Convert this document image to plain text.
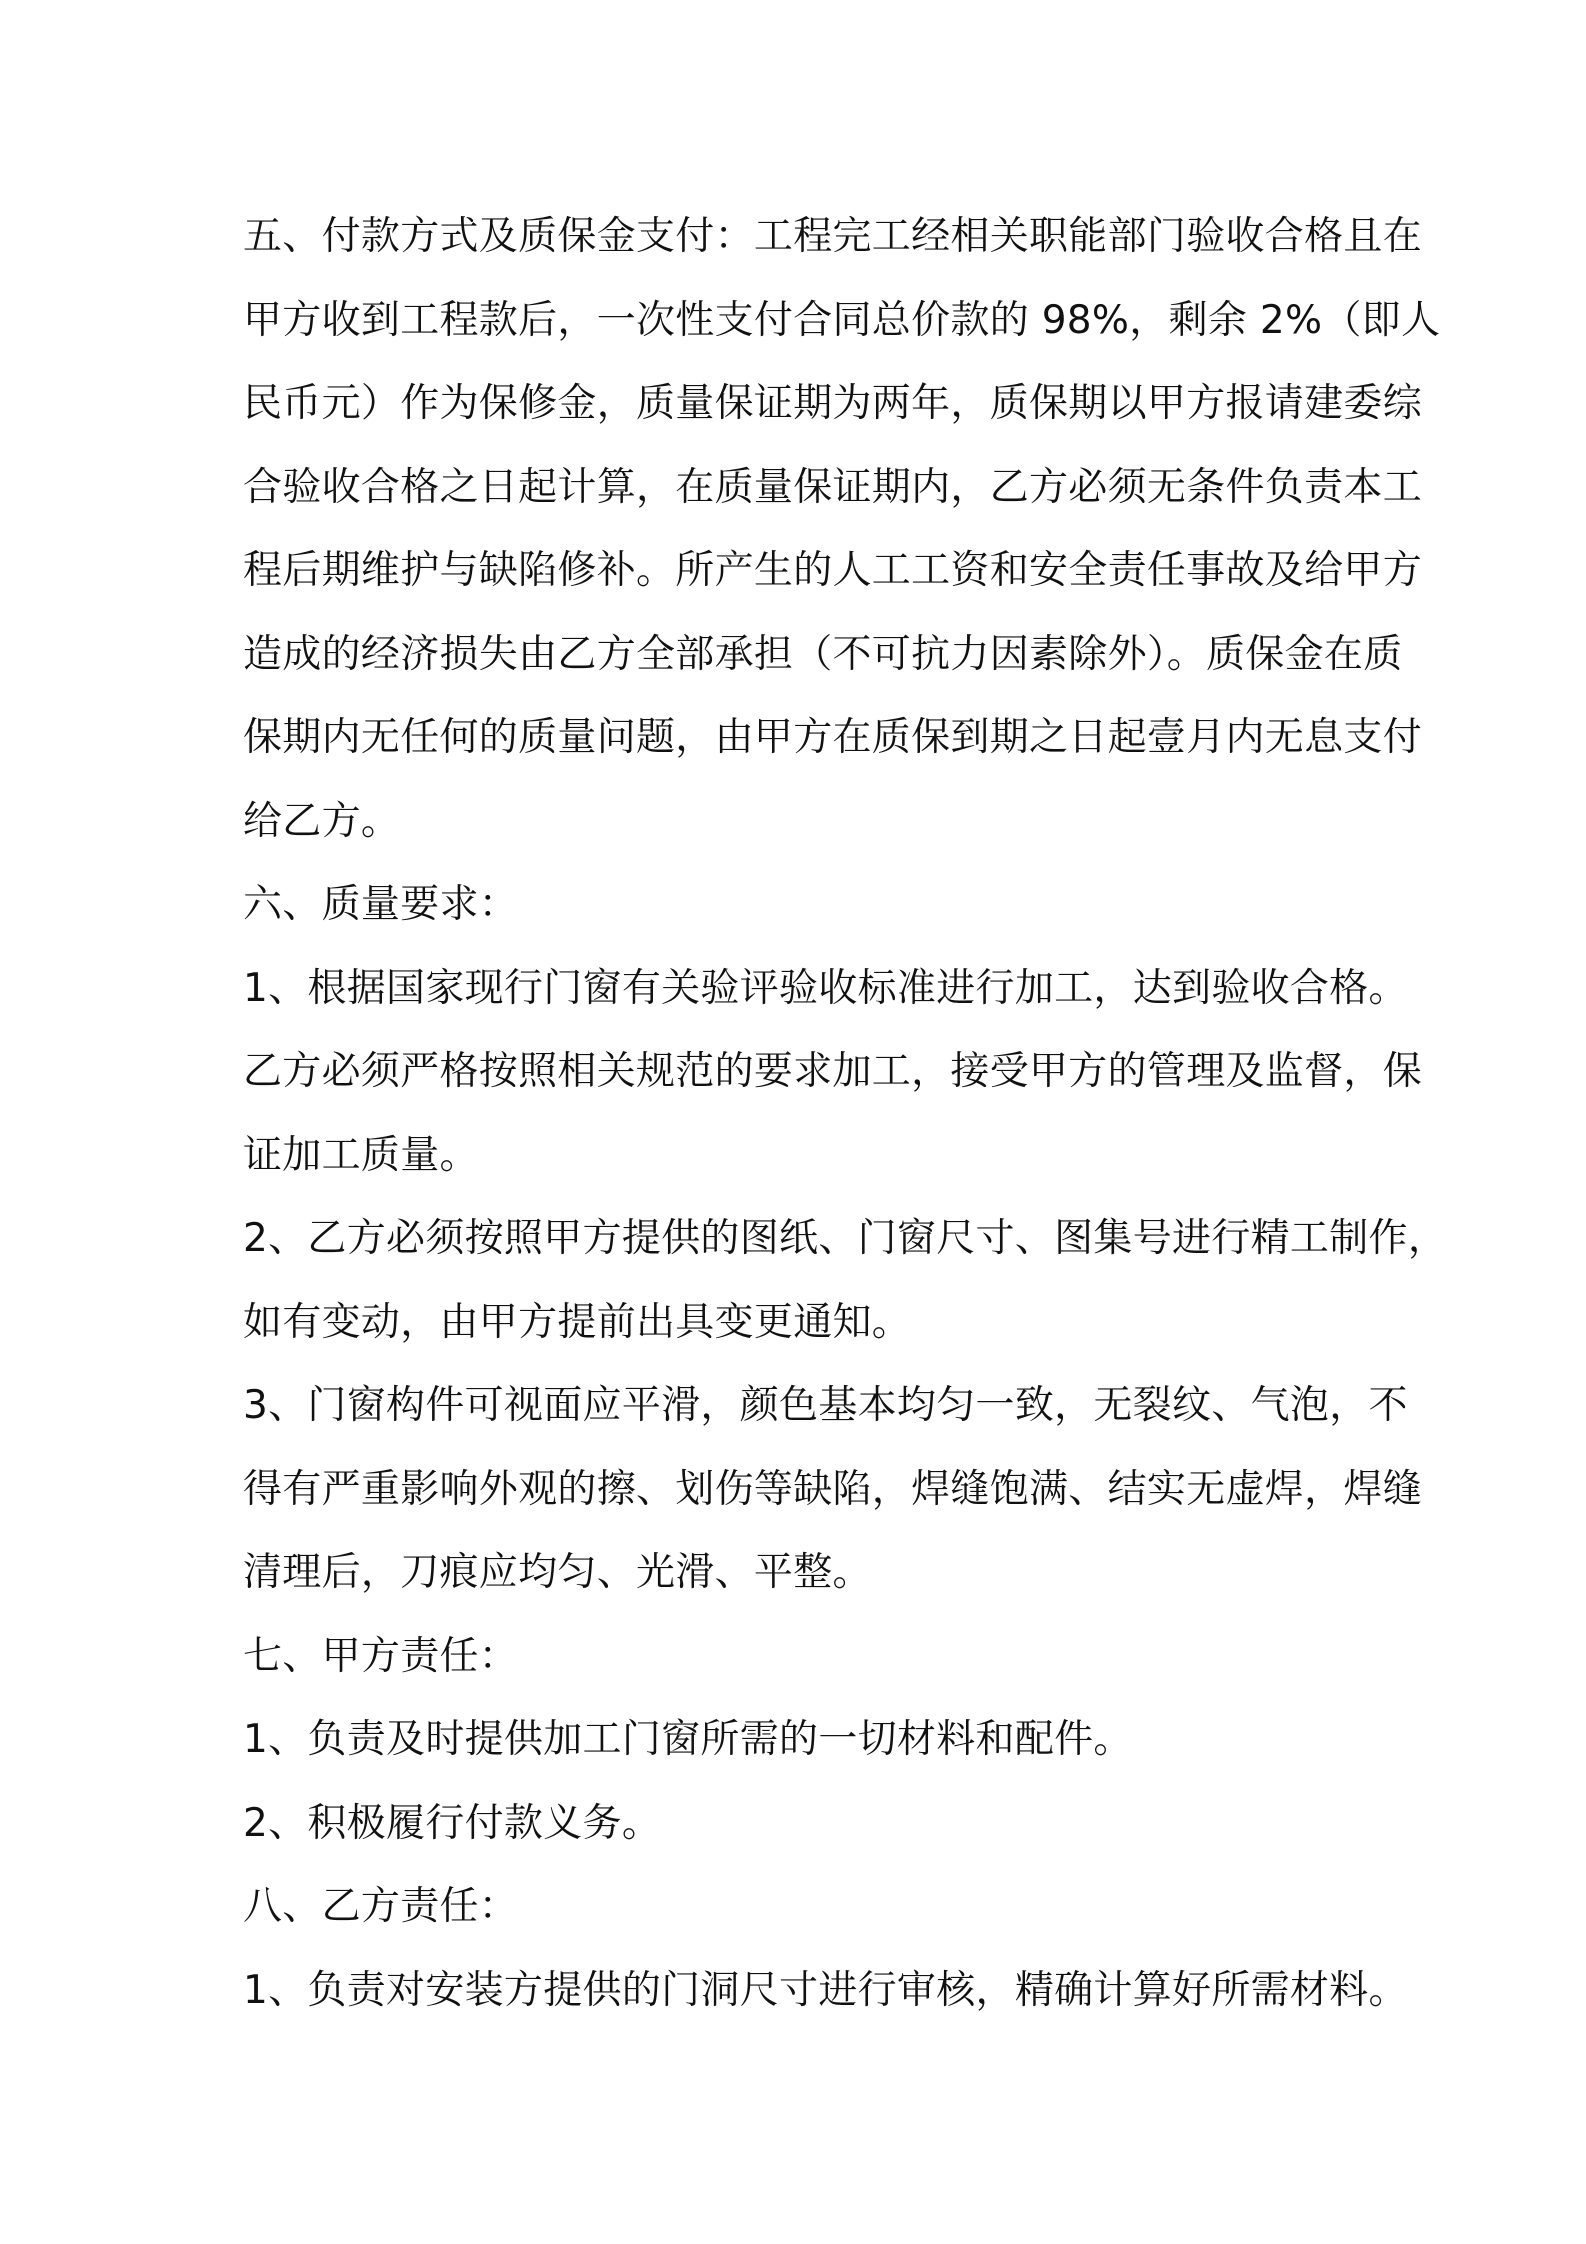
五、付款方式及质保金支付：工程完工经相关职能部门验收合格且在
甲方收到工程款后，一次性支付合同总价款的 98%，剩余 2%（即人
民币元）作为保修金，质量保证期为两年，质保期以甲方报请建委综
合验收合格之日起计算，在质量保证期内，乙方必须无条件负责本工
程后期维护与缺陷修补。所产生的人工工资和安全责任事故及给甲方
造成的经济损失由乙方全部承担（不可抗力因素除外）。质保金在质
保期内无任何的质量问题，由甲方在质保到期之日起壹月内无息支付
给乙方。
六、质量要求：
1、根据国家现行门窗有关验评验收标准进行加工，达到验收合格。
乙方必须严格按照相关规范的要求加工，接受甲方的管理及监督，保
证加工质量。
2、乙方必须按照甲方提供的图纸、门窗尺寸、图集号进行精工制作，
如有变动，由甲方提前出具变更通知。
3、门窗构件可视面应平滑，颜色基本均匀一致，无裂纹、气泡，不
得有严重影响外观的擦、划伤等缺陷，焊缝饱满、结实无虚焊，焊缝
清理后，刀痕应均匀、光滑、平整。
七、甲方责任：
1、负责及时提供加工门窗所需的一切材料和配件。
2、积极履行付款义务。
八、乙方责任：
1、负责对安装方提供的门洞尺寸进行审核，精确计算好所需材料。
